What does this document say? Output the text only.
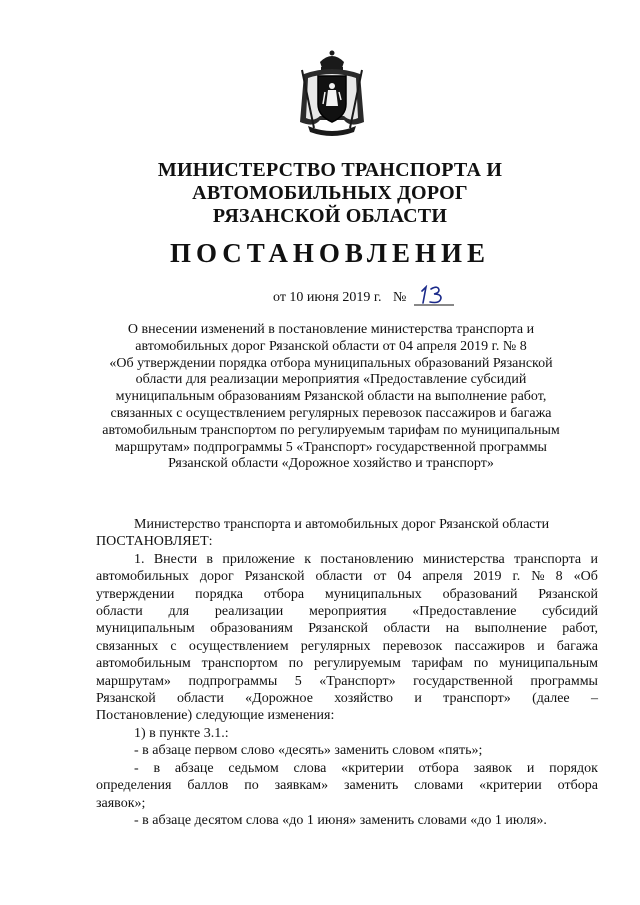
МИНИСТЕРСТВО ТРАНСПОРТА И
АВТОМОБИЛЬНЫХ ДОРОГ
РЯЗАНСКОЙ ОБЛАСТИ
ПОСТАНОВЛЕНИЕ
от 10 июня 2019 г. №
О внесении изменений в постановление министерства транспорта и
автомобильных дорог Рязанской области от 04 апреля 2019 г. № 8
«Об утверждении порядка отбора муниципальных образований Рязанской
области для реализации мероприятия «Предоставление субсидий
муниципальным образованиям Рязанской области на выполнение работ,
связанных с осуществлением регулярных перевозок пассажиров и багажа
автомобильным транспортом по регулируемым тарифам по муниципальным
маршрутам» подпрограммы 5 «Транспорт» государственной программы
Рязанской области «Дорожное хозяйство и транспорт»
Министерство транспорта и автомобильных дорог Рязанской области
ПОСТАНОВЛЯЕТ:
1. Внести в приложение к постановлению министерства транспорта и
автомобильных дорог Рязанской области от 04 апреля 2019 г. № 8 «Об
утверждении порядка отбора муниципальных образований Рязанской
области для реализации мероприятия «Предоставление субсидий
муниципальным образованиям Рязанской области на выполнение работ,
связанных с осуществлением регулярных перевозок пассажиров и багажа
автомобильным транспортом по регулируемым тарифам по муниципальным
маршрутам» подпрограммы 5 «Транспорт» государственной программы
Рязанской области «Дорожное хозяйство и транспорт» (далее –
Постановление) следующие изменения:
1) в пункте 3.1.:
- в абзаце первом слово «десять» заменить словом «пять»;
- в абзаце седьмом слова «критерии отбора заявок и порядок
определения баллов по заявкам» заменить словами «критерии отбора
заявок»;
- в абзаце десятом слова «до 1 июня» заменить словами «до 1 июля».
